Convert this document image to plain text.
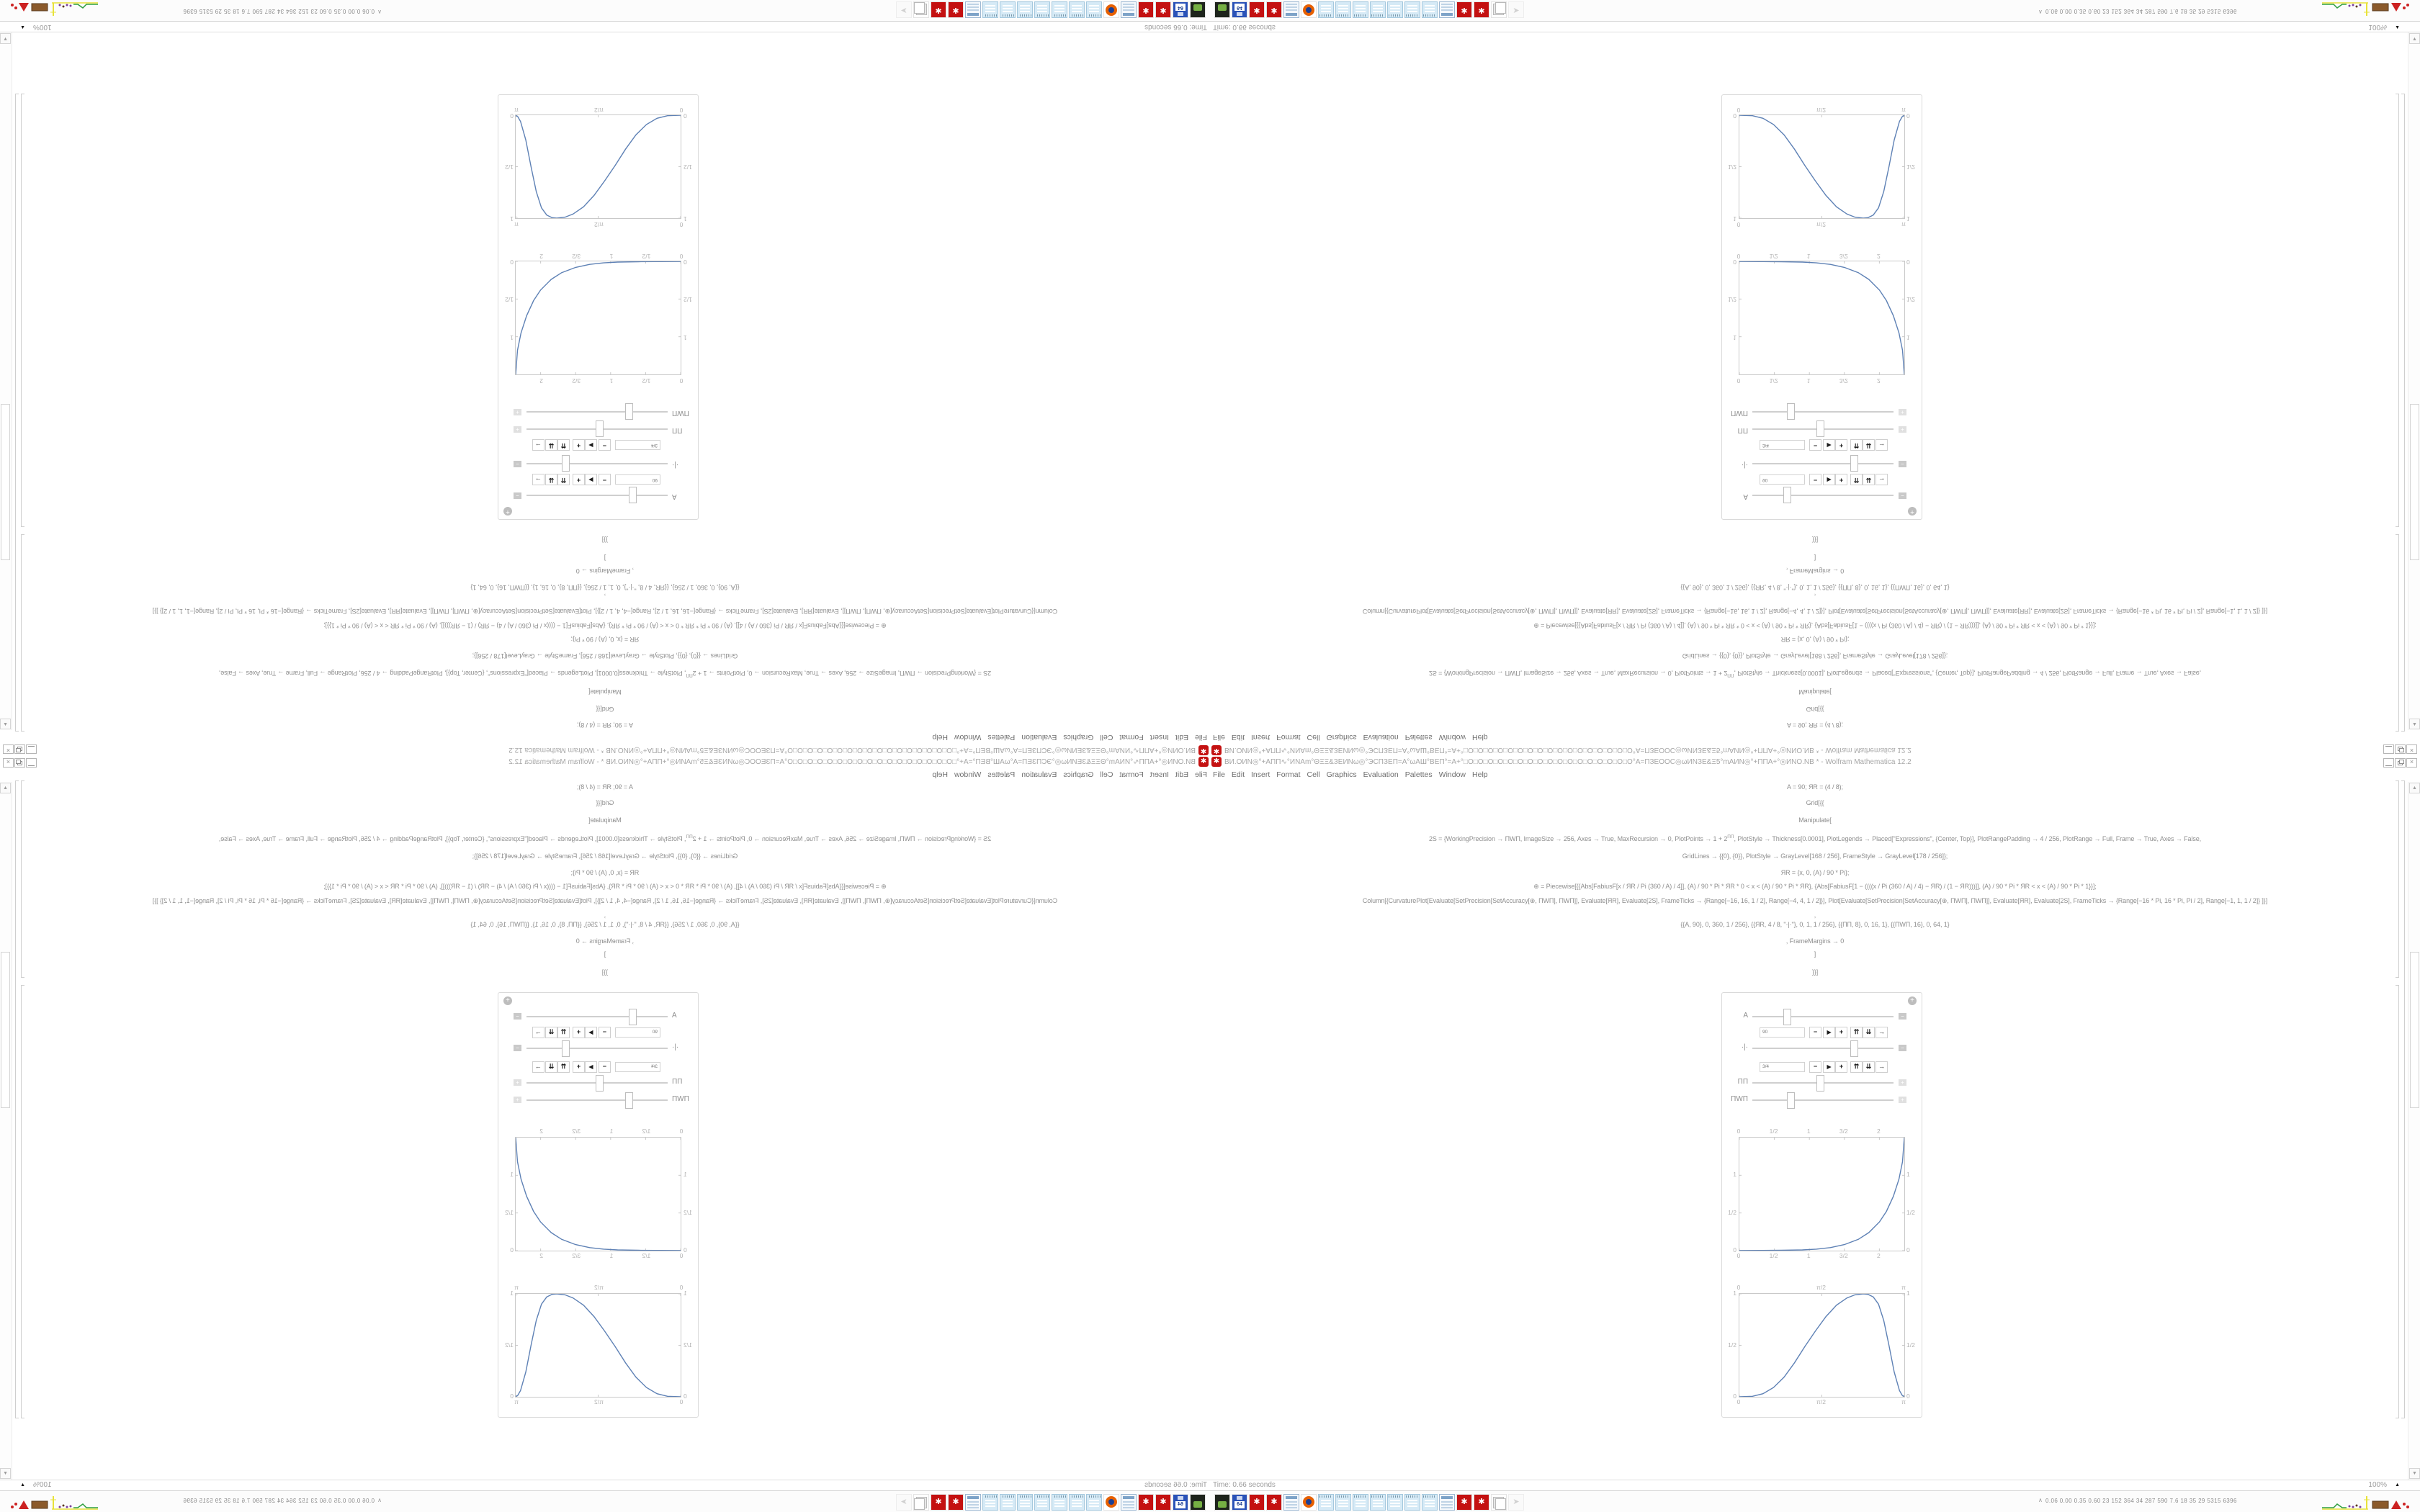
✱
ВИ.ОИN◎°+АΠΠ∿°ИNАm°ΘΞΞ&ЗΕИNω◎°ЭСПЗΕП=А°ωАШ°ΒΕП°=А+°□О□О□О□О□О□О□О□О□О□О□О□О□О□О□О□О□О°А=ПЗΕООС◎ωИNЗΕ&Ξ5°mАИN◎°+ППА+°◎ИNО.NB * - Wolfram Mathematica 12.2
×
File
Edit
Insert
Format
Cell
Graphics
Evaluation
Palettes
Window
Help
A = 90; ЯR = (4 / 8);
Grid[{{
Manipulate[
2S = {WorkingPrecision → ПWП, ImageSize → 256, Axes → True, MaxRecursion → 0, PlotPoints → $1 + 2^{ПП}$, PlotStyle → Thickness[0.0001], PlotLegends → Placed["Expressions", {Center, Top}], PlotRangePadding → 4 / 256, PlotRange → Full, Frame → True, Axes → False,
GridLines → {{0}, {0}}, PlotStyle → GrayLevel[168 / 256], FrameStyle → GrayLevel[178 / 256]};
ЯR = {x, 0, (A) / 90 * Pi};
⊕ = Piecewise[{{Abs[FabiusF[x / ЯR / Pi (360 / A) / 4]], (A) / 90 * Pi * ЯR * 0 < x < (A) / 90 * Pi * ЯR}, {Abs[FabiusF[1 − ((((x / Pi (360 / A) / 4) − ЯR) / (1 − ЯR)))]], (A) / 90 * Pi * ЯR < x < (A) / 90 * Pi * 1}}];
Column[{CurvaturePlot[Evaluate[SetPrecision[SetAccuracy[⊕, ПWП], ПWП]], Evaluate[ЯR], Evaluate[2S], FrameTicks → {Range[−16, 16, 1 / 2], Range[−4, 4, 1 / 2]}], Plot[Evaluate[SetPrecision[SetAccuracy[⊕, ПWП], ПWП]], Evaluate[ЯR], Evaluate[2S], FrameTicks → {Range[−16 * Pi, 16 * Pi, Pi / 2], Range[−1, 1, 1 / 2]} ]}]
,
{{A, 90}, 0, 360, 1 / 256}, {{ЯR, 4 / 8, "·|·"}, 0, 1, 1 / 256}, {{ПП, 8}, 0, 16, 1}, {{ПWП, 16}, 0, 64, 1}
, FrameMargins → 0
]
}}]
+
A
−
90
−
▶
+
⇈
⇊
→
·|·
−
3/4
−
▶
+
⇈
⇊
→
ПП
+
ПWП
+
0
0
1/2
1/2
1
1
3/2
3/2
2
2
0
0
1/2
1/2
1
1
0
0
π/2
π/2
π
π
0
0
1/2
1/2
1
1
▲
▼
Time: 0.66 seconds
100%
▲
64
✱
✱
✱
✱
➤
∧
0.06 0.00 0.35 0.60 23 152 364 34 287 590 7.6 18 35 29 5315 6396
✱ ВИ.ОИN◎°+АΠΠ∿°ИNАm°ΘΞΞ&ЗΕИNω◎°ЭСПЗΕП=А°ωАШ°ΒΕП°=А+°□О□О□О□О□О□О□О□О□О□О□О□О□О□О□О□О□О°А=ПЗΕООС◎ωИNЗΕ&Ξ5°mАИN◎°+ППА+°◎ИNО.NB * - Wolfram Mathematica 12.2	×
File Edit Insert Format Cell Graphics Evaluation Palettes Window Help
A = 90; ЯR = (4 / 8);
Grid[{{
Manipulate[
2S = {WorkingPrecision → ПWП, ImageSize → 256, Axes → True, MaxRecursion → 0, PlotPoints → $1 + 2^{ПП}$, PlotStyle → Thickness[0.0001], PlotLegends → Placed["Expressions", {Center, Top}], PlotRangePadding → 4 / 256, PlotRange → Full, Frame → True, Axes → False,
GridLines → {{0}, {0}}, PlotStyle → GrayLevel[168 / 256], FrameStyle → GrayLevel[178 / 256]};
ЯR = {x, 0, (A) / 90 * Pi};
⊕ = Piecewise[{{Abs[FabiusF[x / ЯR / Pi (360 / A) / 4]], (A) / 90 * Pi * ЯR * 0 < x < (A) / 90 * Pi * ЯR}, {Abs[FabiusF[1 − ((((x / Pi (360 / A) / 4) − ЯR) / (1 − ЯR)))]], (A) / 90 * Pi * ЯR < x < (A) / 90 * Pi * 1}}];
Column[{CurvaturePlot[Evaluate[SetPrecision[SetAccuracy[⊕, ПWП], ПWП]], Evaluate[ЯR], Evaluate[2S], FrameTicks → {Range[−16, 16, 1 / 2], Range[−4, 4, 1 / 2]}], Plot[Evaluate[SetPrecision[SetAccuracy[⊕, ПWП], ПWП]], Evaluate[ЯR], Evaluate[2S], FrameTicks → {Range[−16 * Pi, 16 * Pi, Pi / 2], Range[−1, 1, 1 / 2]} ]}]
,
{{A, 90}, 0, 360, 1 / 256}, {{ЯR, 4 / 8, "·|·"}, 0, 1, 1 / 256}, {{ПП, 8}, 0, 16, 1}, {{ПWП, 16}, 0, 64, 1}
, FrameMargins → 0
]
}}]
+
A	−
90	−	▶	+	⇈	⇊	→
·|·	−
3/4	−	▶	+	⇈	⇊	→
ПП	+
ПWП	+
0
0
1/2
1/2
1
1
3/2
3/2
2
2
0	0
1/2	1/2
1	1
0
0
π/2
π/2
π
π
0	0
1/2	1/2
1	1
▲
▼
Time: 0.66 seconds	100% ▲
64	✱	✱	✱	✱	➤	∧ 0.06 0.00 0.35 0.60 23 152 364 34 287 590 7.6 18 35 29 5315 6396
✱
ВИ.ОИN◎°+АΠΠ∿°ИNАm°ΘΞΞ&ЗΕИNω◎°ЭСПЗΕП=А°ωАШ°ΒΕП°=А+°□О□О□О□О□О□О□О□О□О□О□О□О□О□О□О□О□О°А=ПЗΕООС◎ωИNЗΕ&Ξ5°mАИN◎°+ППА+°◎ИNО.NB * - Wolfram Mathematica 12.2
×
File
Edit
Insert
Format
Cell
Graphics
Evaluation
Palettes
Window
Help
A = 90; ЯR = (4 / 8);
Grid[{{
Manipulate[
2S = {WorkingPrecision → ПWП, ImageSize → 256, Axes → True, MaxRecursion → 0, PlotPoints → $1 + 2^{ПП}$, PlotStyle → Thickness[0.0001], PlotLegends → Placed["Expressions", {Center, Top}], PlotRangePadding → 4 / 256, PlotRange → Full, Frame → True, Axes → False,
GridLines → {{0}, {0}}, PlotStyle → GrayLevel[168 / 256], FrameStyle → GrayLevel[178 / 256]};
ЯR = {x, 0, (A) / 90 * Pi};
⊕ = Piecewise[{{Abs[FabiusF[x / ЯR / Pi (360 / A) / 4]], (A) / 90 * Pi * ЯR * 0 < x < (A) / 90 * Pi * ЯR}, {Abs[FabiusF[1 − ((((x / Pi (360 / A) / 4) − ЯR) / (1 − ЯR)))]], (A) / 90 * Pi * ЯR < x < (A) / 90 * Pi * 1}}];
Column[{CurvaturePlot[Evaluate[SetPrecision[SetAccuracy[⊕, ПWП], ПWП]], Evaluate[ЯR], Evaluate[2S], FrameTicks → {Range[−16, 16, 1 / 2], Range[−4, 4, 1 / 2]}], Plot[Evaluate[SetPrecision[SetAccuracy[⊕, ПWП], ПWП]], Evaluate[ЯR], Evaluate[2S], FrameTicks → {Range[−16 * Pi, 16 * Pi, Pi / 2], Range[−1, 1, 1 / 2]} ]}]
,
{{A, 90}, 0, 360, 1 / 256}, {{ЯR, 4 / 8, "·|·"}, 0, 1, 1 / 256}, {{ПП, 8}, 0, 16, 1}, {{ПWП, 16}, 0, 64, 1}
, FrameMargins → 0
]
}}]
+
A
−
90
−
▶
+
⇈
⇊
→
·|·
−
3/4
−
▶
+
⇈
⇊
→
ПП
+
ПWП
+
0
0
1/2
1/2
1
1
3/2
3/2
2
2
0
0
1/2
1/2
1
1
0
0
π/2
π/2
π
π
0
0
1/2
1/2
1
1
▲
▼
Time: 0.66 seconds
100%
▲
64
✱
✱
✱
✱
➤
∧
0.06 0.00 0.35 0.60 23 152 364 34 287 590 7.6 18 35 29 5315 6396
✱ ВИ.ОИN◎°+АΠΠ∿°ИNАm°ΘΞΞ&ЗΕИNω◎°ЭСПЗΕП=А°ωАШ°ΒΕП°=А+°□О□О□О□О□О□О□О□О□О□О□О□О□О□О□О□О□О°А=ПЗΕООС◎ωИNЗΕ&Ξ5°mАИN◎°+ППА+°◎ИNО.NB * - Wolfram Mathematica 12.2	×
File Edit Insert Format Cell Graphics Evaluation Palettes Window Help
A = 90; ЯR = (4 / 8);
Grid[{{
Manipulate[
2S = {WorkingPrecision → ПWП, ImageSize → 256, Axes → True, MaxRecursion → 0, PlotPoints → $1 + 2^{ПП}$, PlotStyle → Thickness[0.0001], PlotLegends → Placed["Expressions", {Center, Top}], PlotRangePadding → 4 / 256, PlotRange → Full, Frame → True, Axes → False,
GridLines → {{0}, {0}}, PlotStyle → GrayLevel[168 / 256], FrameStyle → GrayLevel[178 / 256]};
ЯR = {x, 0, (A) / 90 * Pi};
⊕ = Piecewise[{{Abs[FabiusF[x / ЯR / Pi (360 / A) / 4]], (A) / 90 * Pi * ЯR * 0 < x < (A) / 90 * Pi * ЯR}, {Abs[FabiusF[1 − ((((x / Pi (360 / A) / 4) − ЯR) / (1 − ЯR)))]], (A) / 90 * Pi * ЯR < x < (A) / 90 * Pi * 1}}];
Column[{CurvaturePlot[Evaluate[SetPrecision[SetAccuracy[⊕, ПWП], ПWП]], Evaluate[ЯR], Evaluate[2S], FrameTicks → {Range[−16, 16, 1 / 2], Range[−4, 4, 1 / 2]}], Plot[Evaluate[SetPrecision[SetAccuracy[⊕, ПWП], ПWП]], Evaluate[ЯR], Evaluate[2S], FrameTicks → {Range[−16 * Pi, 16 * Pi, Pi / 2], Range[−1, 1, 1 / 2]} ]}]
,
{{A, 90}, 0, 360, 1 / 256}, {{ЯR, 4 / 8, "·|·"}, 0, 1, 1 / 256}, {{ПП, 8}, 0, 16, 1}, {{ПWП, 16}, 0, 64, 1}
, FrameMargins → 0
]
}}]
+
A	−
90	−	▶	+	⇈	⇊	→
·|·	−
3/4	−	▶	+	⇈	⇊	→
ПП	+
ПWП	+
0
0
1/2
1/2
1
1
3/2
3/2
2
2
0	0
1/2	1/2
1	1
0
0
π/2
π/2
π
π
0	0
1/2	1/2
1	1
▲
▼
Time: 0.66 seconds	100% ▲
64	✱	✱	✱	✱	➤	∧ 0.06 0.00 0.35 0.60 23 152 364 34 287 590 7.6 18 35 29 5315 6396
